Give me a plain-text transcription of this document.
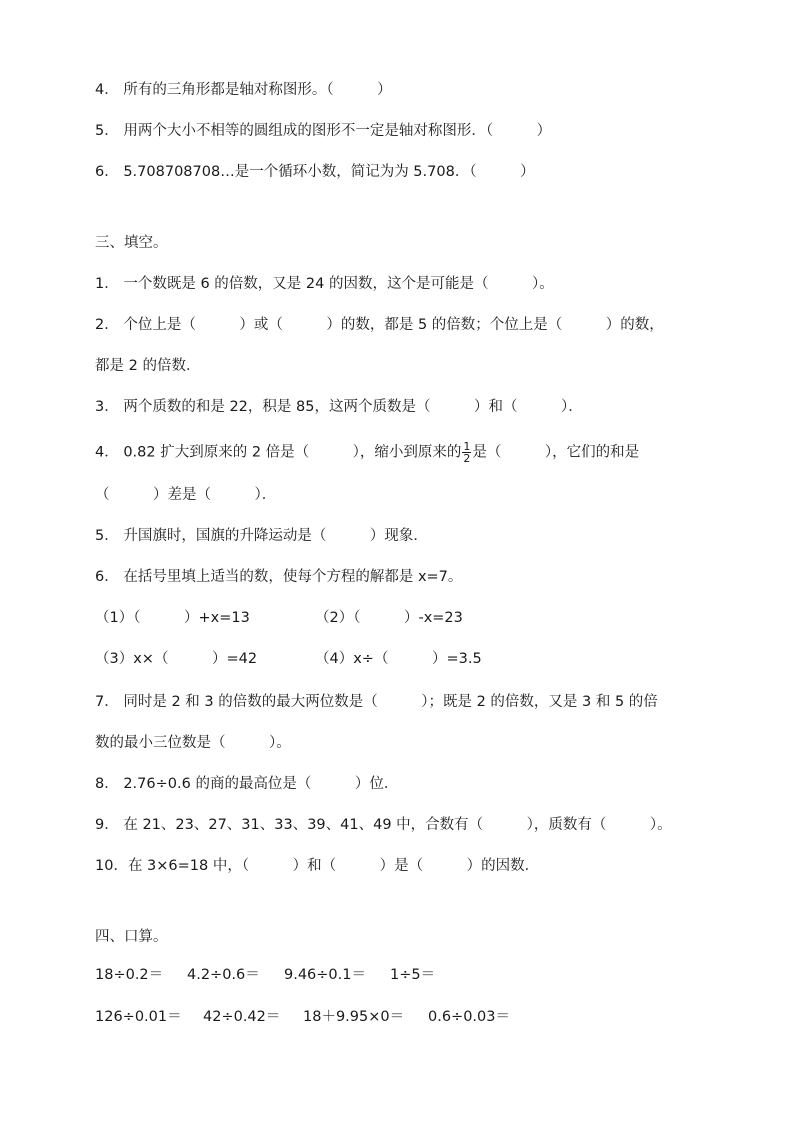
4． 所有的三角形都是轴对称图形。（　　　）
5． 用两个大小不相等的圆组成的图形不一定是轴对称图形．（　　　）
6． 5.708708708…是一个循环小数，简记为为 5.708．（　　　）
三、填空。
1． 一个数既是 6 的倍数，又是 24 的因数，这个是可能是（　　　）。
2． 个位上是（　　　）或（　　　）的数，都是 5 的倍数；个位上是（　　　）的数，
都是 2 的倍数．
3． 两个质数的和是 22，积是 85，这两个质数是（　　　）和（　　　）．
4． 0.82 扩大到原来的 2 倍是（　　　），缩小到原来的 $\frac{1}{2}$ 是（　　　），它们的和是
（　　　）差是（　　　）．
5． 升国旗时，国旗的升降运动是（　　　）现象．
6． 在括号里填上适当的数，使每个方程的解都是 x=7。
（1）（　　　）+x=13	（2）（　　　）-x=23
（3）x×（　　　）=42	（4）x÷（　　　）=3.5
7． 同时是 2 和 3 的倍数的最大两位数是（　　　）；既是 2 的倍数，又是 3 和 5 的倍
数的最小三位数是（　　　）。
8． 2.76÷0.6 的商的最高位是（　　　）位．
9． 在 21、23、27、31、33、39、41、49 中，合数有（　　　），质数有（　　　）。
10．在 3×6=18 中，（　　　）和（　　　）是（　　　）的因数．
四、口算。
18÷0.2＝ 4.2÷0.6＝ 9.46÷0.1＝ 1÷5＝
126÷0.01＝ 42÷0.42＝ 18＋9.95×0＝ 0.6÷0.03＝
